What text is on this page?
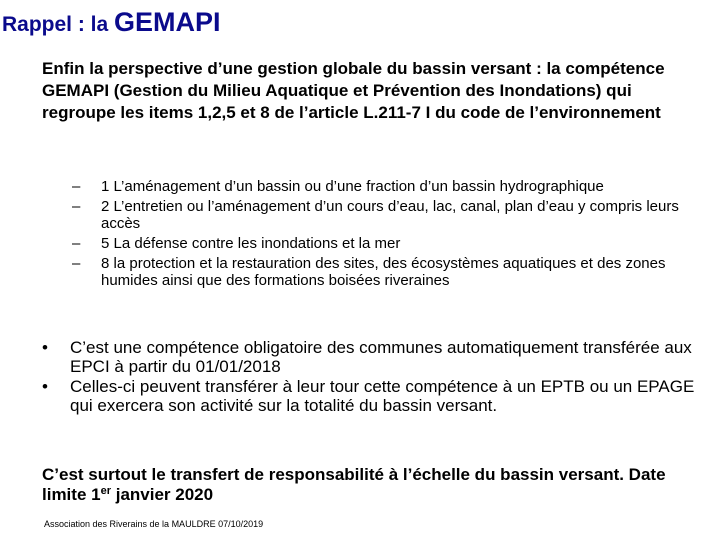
Rappel : la GEMAPI

Enfin la perspective d’une gestion globale du bassin versant : la compétence GEMAPI (Gestion du Milieu Aquatique et Prévention des Inondations) qui regroupe les items 1,2,5 et 8 de l’article L.211-7 I du code de l’environnement

– 1 L’aménagement d’un bassin ou d’une fraction d’un bassin hydrographique
– 2 L’entretien ou l’aménagement d’un cours d’eau, lac, canal, plan d’eau y compris leurs accès
– 5 La défense contre les inondations et la mer
– 8 la protection et la restauration des sites, des écosystèmes aquatiques et des zones humides ainsi que des formations boisées riveraines
• C’est une compétence obligatoire des communes automatiquement transférée aux EPCI à partir du 01/01/2018
• Celles-ci peuvent transférer à leur tour cette compétence à un EPTB ou un EPAGE qui exercera son activité sur la totalité du bassin versant.

C’est surtout le transfert de responsabilité à l’échelle du bassin versant. Date limite 1er janvier 2020

Association des Riverains de la MAULDRE 07/10/2019
